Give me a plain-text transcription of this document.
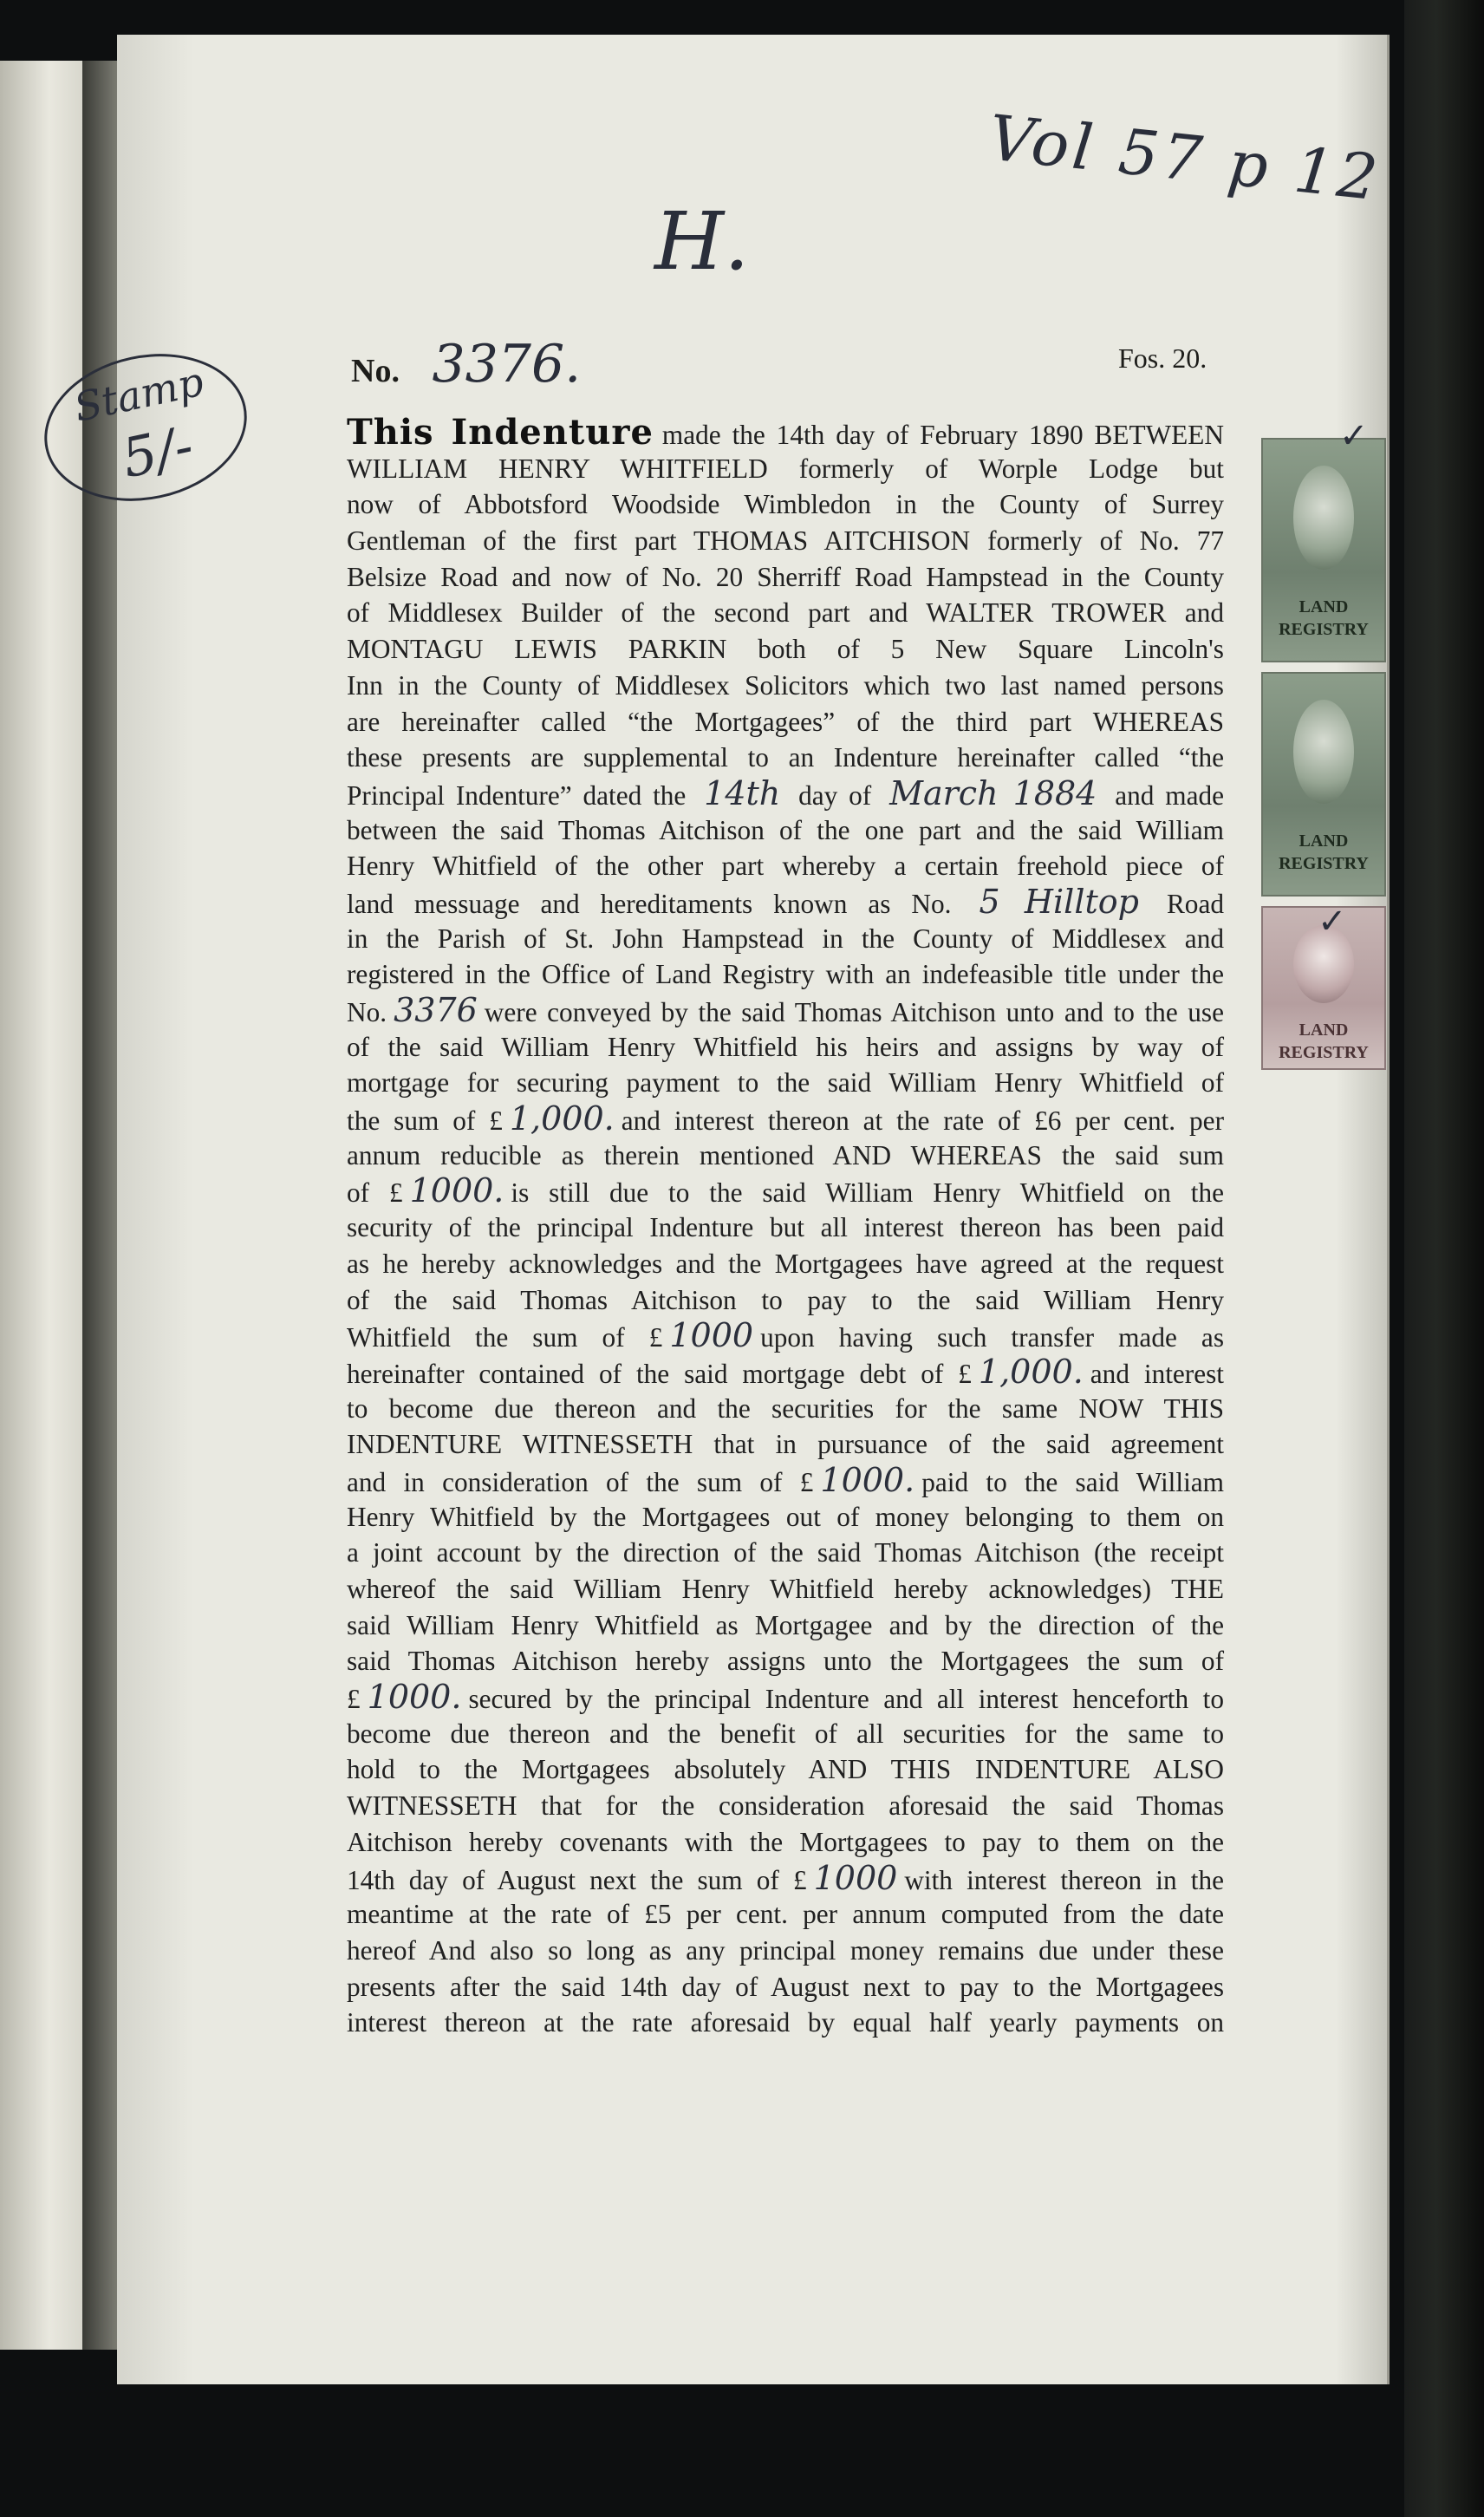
Vol 57 p 12
H.
Stamp
5/-
No. 3376.	Fos. 20.
LAND REGISTRY
LAND REGISTRY
LAND REGISTRY
✓
✓
This Indenture made the 14th day of February 1890 BETWEEN
WILLIAM HENRY WHITFIELD formerly of Worple Lodge but
now of Abbotsford Woodside Wimbledon in the County of Surrey
Gentleman of the first part THOMAS AITCHISON formerly of No. 77
Belsize Road and now of No. 20 Sherriff Road Hampstead in the County
of Middlesex Builder of the second part and WALTER TROWER and
MONTAGU LEWIS PARKIN both of 5 New Square Lincoln's
Inn in the County of Middlesex Solicitors which two last named persons
are hereinafter called “the Mortgagees” of the third part WHEREAS
these presents are supplemental to an Indenture hereinafter called “the
Principal Indenture” dated the 14th day of March 1884 and made
between the said Thomas Aitchison of the one part and the said William
Henry Whitfield of the other part whereby a certain freehold piece of
land messuage and hereditaments known as No. 5 Hilltop Road
in the Parish of St. John Hampstead in the County of Middlesex and
registered in the Office of Land Registry with an indefeasible title under the
No. 3376 were conveyed by the said Thomas Aitchison unto and to the use
of the said William Henry Whitfield his heirs and assigns by way of
mortgage for securing payment to the said William Henry Whitfield of
the sum of £ 1,000. and interest thereon at the rate of £6 per cent. per
annum reducible as therein mentioned AND WHEREAS the said sum
of £ 1000. is still due to the said William Henry Whitfield on the
security of the principal Indenture but all interest thereon has been paid
as he hereby acknowledges and the Mortgagees have agreed at the request
of the said Thomas Aitchison to pay to the said William Henry
Whitfield the sum of £ 1000 upon having such transfer made as
hereinafter contained of the said mortgage debt of £ 1,000. and interest
to become due thereon and the securities for the same NOW THIS
INDENTURE WITNESSETH that in pursuance of the said agreement
and in consideration of the sum of £ 1000. paid to the said William
Henry Whitfield by the Mortgagees out of money belonging to them on
a joint account by the direction of the said Thomas Aitchison (the receipt
whereof the said William Henry Whitfield hereby acknowledges) THE
said William Henry Whitfield as Mortgagee and by the direction of the
said Thomas Aitchison hereby assigns unto the Mortgagees the sum of
£ 1000. secured by the principal Indenture and all interest henceforth to
become due thereon and the benefit of all securities for the same to
hold to the Mortgagees absolutely AND THIS INDENTURE ALSO
WITNESSETH that for the consideration aforesaid the said Thomas
Aitchison hereby covenants with the Mortgagees to pay to them on the
14th day of August next the sum of £ 1000 with interest thereon in the
meantime at the rate of £5 per cent. per annum computed from the date
hereof And also so long as any principal money remains due under these
presents after the said 14th day of August next to pay to the Mortgagees
interest thereon at the rate aforesaid by equal half yearly payments on
